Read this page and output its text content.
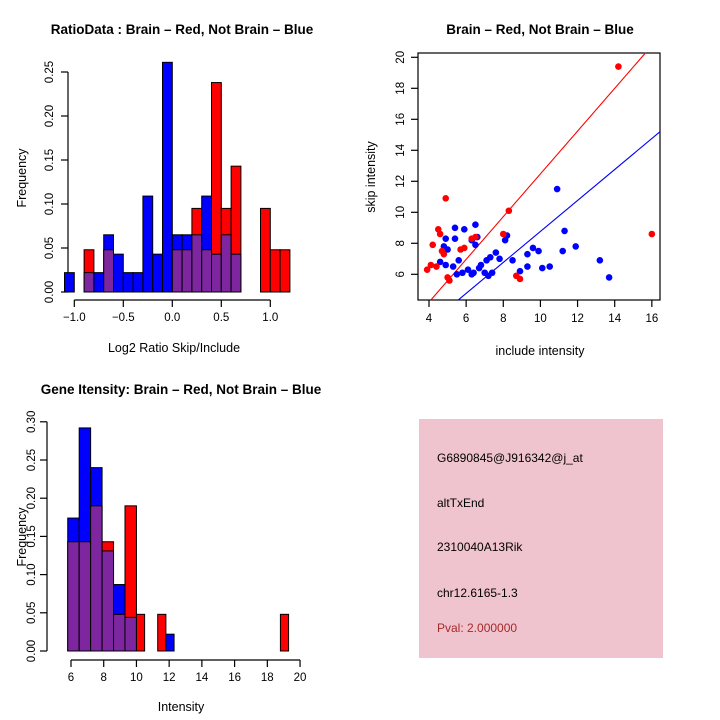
0.00
0.05
0.10
0.15
0.20
0.25
−1.0 −0.5	0.0	0.5	1.0
0.00
0.05
0.10
0.15
0.20
0.25
0.30
6 8 10 12 14 16 18 20
4	6	8 10 12 14 16
6
8
10
12
14
16
18
20
RatioData : Brain – Red, Not Brain – Blue
Log2 Ratio Skip/Include
Frequency
Brain – Red, Not Brain – Blue
include intensity
skip intensity
Gene Itensity: Brain – Red, Not Brain – Blue
Intensity
Frequency
G6890845@J916342@j_at
altTxEnd
2310040A13Rik
chr12.6165-1.3
Pval: 2.000000
